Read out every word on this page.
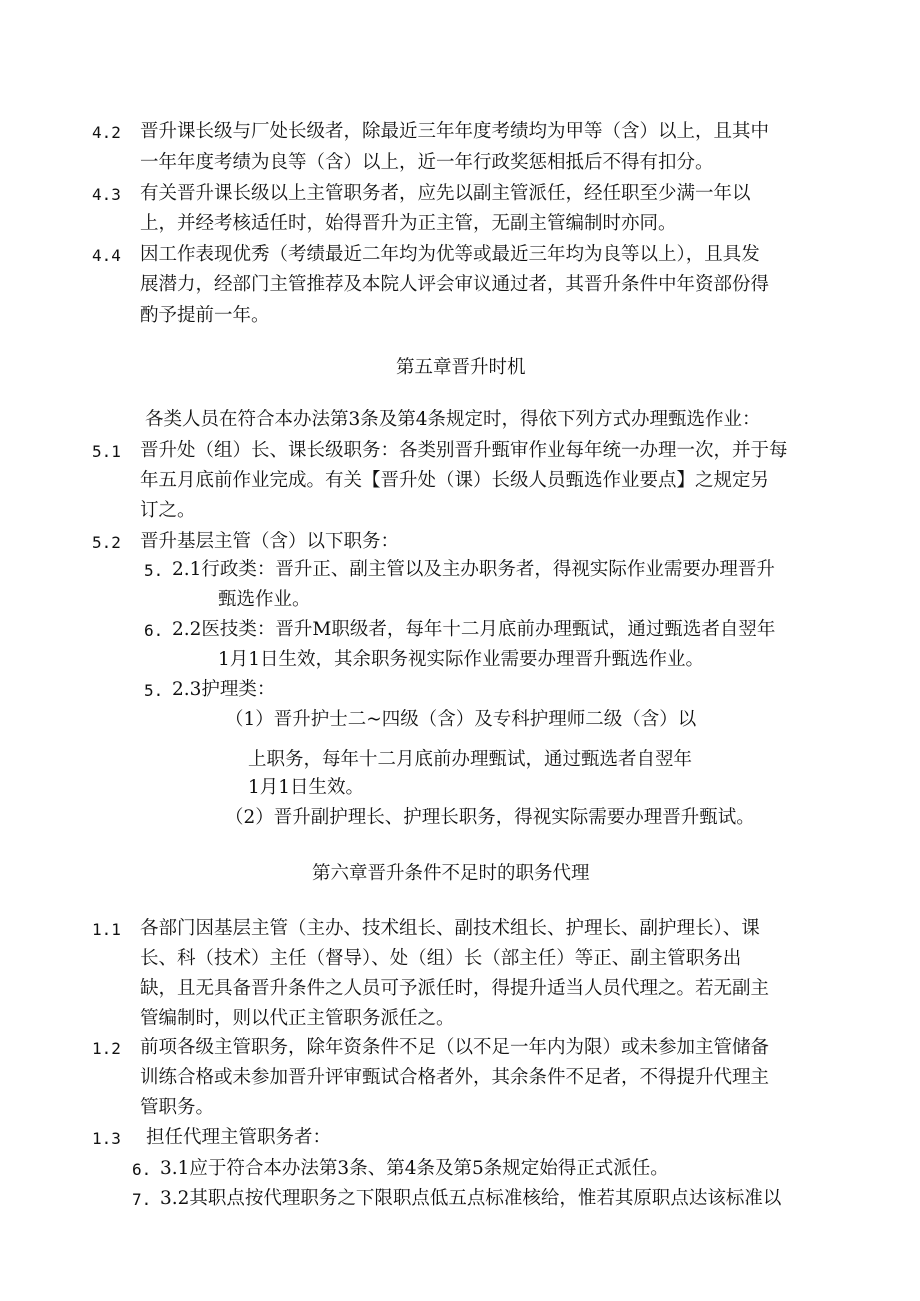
4.2 晋升课长级与厂处长级者，除最近三年年度考绩均为甲等（含）以上，且其中

一年年度考绩为良等（含）以上，近一年行政奖惩相抵后不得有扣分。

4.3 有关晋升课长级以上主管职务者，应先以副主管派任，经任职至少满一年以

上，并经考核适任时，始得晋升为正主管，无副主管编制时亦同。

4.4 因工作表现优秀（考绩最近二年均为优等或最近三年均为良等以上），且具发

展潜力，经部门主管推荐及本院人评会审议通过者，其晋升条件中年资部份得

酌予提前一年。

第五章晋升时机

各类人员在符合本办法第3条及第4条规定时，得依下列方式办理甄选作业：

5.1 晋升处（组）长、课长级职务：各类别晋升甄审作业每年统一办理一次，并于每

年五月底前作业完成。有关【晋升处（课）长级人员甄选作业要点】之规定另

订之。

5.2 晋升基层主管（含）以下职务：

5. 2.1行政类：晋升正、副主管以及主办职务者，得视实际作业需要办理晋升

甄选作业。

6. 2.2医技类：晋升M职级者，每年十二月底前办理甄试，通过甄选者自翌年

1月1日生效，其余职务视实际作业需要办理晋升甄选作业。

5. 2.3护理类：

（1）晋升护士二~四级（含）及专科护理师二级（含）以

上职务，每年十二月底前办理甄试，通过甄选者自翌年

1月1日生效。

（2）晋升副护理长、护理长职务，得视实际需要办理晋升甄试。

第六章晋升条件不足时的职务代理

1.1 各部门因基层主管（主办、技术组长、副技术组长、护理长、副护理长）、课

长、科（技术）主任（督导）、处（组）长（部主任）等正、副主管职务出

缺，且无具备晋升条件之人员可予派任时，得提升适当人员代理之。若无副主

管编制时，则以代正主管职务派任之。

1.2 前项各级主管职务，除年资条件不足（以不足一年内为限）或未参加主管储备

训练合格或未参加晋升评审甄试合格者外，其余条件不足者，不得提升代理主

管职务。

1.3 担任代理主管职务者：

6. 3.1应于符合本办法第3条、第4条及第5条规定始得正式派任。

7. 3.2其职点按代理职务之下限职点低五点标准核给，惟若其原职点达该标准以
